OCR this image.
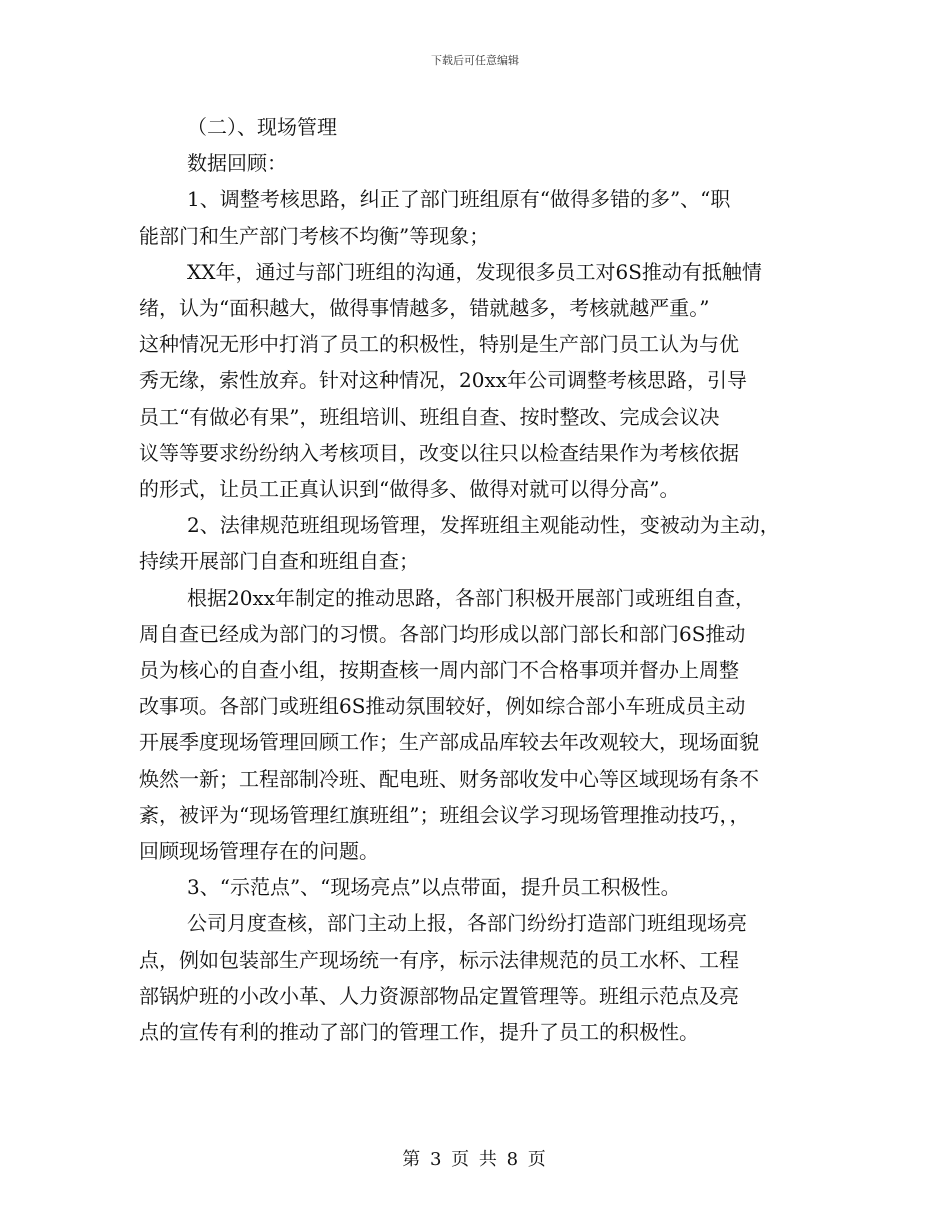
下载后可任意编辑
（二）、现场管理
数据回顾：
1、调整考核思路，纠正了部门班组原有“做得多错的多”、“职
能部门和生产部门考核不均衡”等现象；
XX年，通过与部门班组的沟通，发现很多员工对6S推动有抵触情
绪，认为“面积越大，做得事情越多，错就越多，考核就越严重。”
这种情况无形中打消了员工的积极性，特别是生产部门员工认为与优
秀无缘，索性放弃。针对这种情况，20xx年公司调整考核思路，引导
员工“有做必有果”，班组培训、班组自查、按时整改、完成会议决
议等等要求纷纷纳入考核项目，改变以往只以检查结果作为考核依据
的形式，让员工正真认识到“做得多、做得对就可以得分高”。
2、法律规范班组现场管理，发挥班组主观能动性，变被动为主动，
持续开展部门自查和班组自查；
根据20xx年制定的推动思路，各部门积极开展部门或班组自查，
周自查已经成为部门的习惯。各部门均形成以部门部长和部门6S推动
员为核心的自查小组，按期查核一周内部门不合格事项并督办上周整
改事项。各部门或班组6S推动氛围较好，例如综合部小车班成员主动
开展季度现场管理回顾工作；生产部成品库较去年改观较大，现场面貌
焕然一新；工程部制冷班、配电班、财务部收发中心等区域现场有条不
紊，被评为“现场管理红旗班组”；班组会议学习现场管理推动技巧，，
回顾现场管理存在的问题。
3、“示范点”、“现场亮点”以点带面，提升员工积极性。
公司月度查核，部门主动上报，各部门纷纷打造部门班组现场亮
点，例如包装部生产现场统一有序，标示法律规范的员工水杯、工程
部锅炉班的小改小革、人力资源部物品定置管理等。班组示范点及亮
点的宣传有利的推动了部门的管理工作，提升了员工的积极性。
第 3 页 共 8 页
